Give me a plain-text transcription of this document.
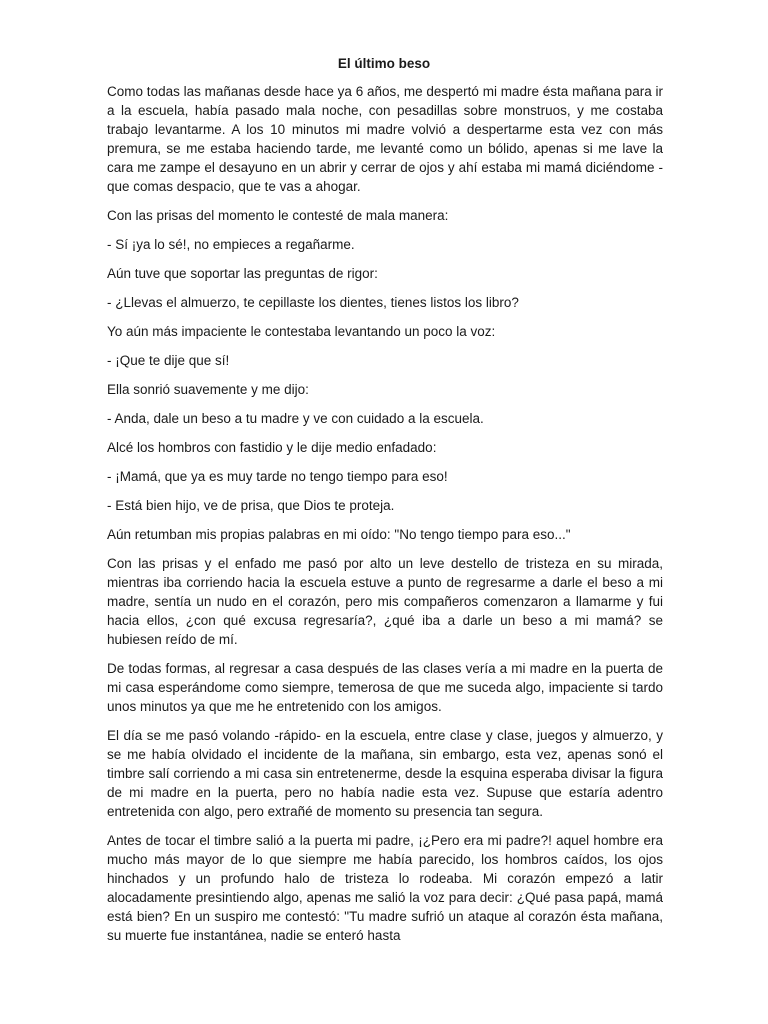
El último beso

Como todas las mañanas desde hace ya 6 años, me despertó mi madre ésta mañana para ir a la escuela, había pasado mala noche, con pesadillas sobre monstruos, y me costaba trabajo levantarme. A los 10 minutos mi madre volvió a despertarme esta vez con más premura, se me estaba haciendo tarde, me levanté como un bólido, apenas si me lave la cara me zampe el desayuno en un abrir y cerrar de ojos y ahí estaba mi mamá diciéndome -que comas despacio, que te vas a ahogar.

Con las prisas del momento le contesté de mala manera:

- Sí ¡ya lo sé!, no empieces a regañarme.

Aún tuve que soportar las preguntas de rigor:

- ¿Llevas el almuerzo, te cepillaste los dientes, tienes listos los libro?

Yo aún más impaciente le contestaba levantando un poco la voz:

- ¡Que te dije que sí!

Ella sonrió suavemente y me dijo:

- Anda, dale un beso a tu madre y ve con cuidado a la escuela.

Alcé los hombros con fastidio y le dije medio enfadado:

- ¡Mamá, que ya es muy tarde no tengo tiempo para eso!

- Está bien hijo, ve de prisa, que Dios te proteja.

Aún retumban mis propias palabras en mi oído: "No tengo tiempo para eso..."

Con las prisas y el enfado me pasó por alto un leve destello de tristeza en su mirada, mientras iba corriendo hacia la escuela estuve a punto de regresarme a darle el beso a mi madre, sentía un nudo en el corazón, pero mis compañeros comenzaron a llamarme y fui hacia ellos, ¿con qué excusa regresaría?, ¿qué iba a darle un beso a mi mamá? se hubiesen reído de mí.

De todas formas, al regresar a casa después de las clases vería a mi madre en la puerta de mi casa esperándome como siempre, temerosa de que me suceda algo, impaciente si tardo unos minutos ya que me he entretenido con los amigos.

El día se me pasó volando -rápido- en la escuela, entre clase y clase, juegos y almuerzo, y se me había olvidado el incidente de la mañana, sin embargo, esta vez, apenas sonó el timbre salí corriendo a mi casa sin entretenerme, desde la esquina esperaba divisar la figura de mi madre en la puerta, pero no había nadie esta vez. Supuse que estaría adentro entretenida con algo, pero extrañé de momento su presencia tan segura.

Antes de tocar el timbre salió a la puerta mi padre, ¡¿Pero era mi padre?! aquel hombre era mucho más mayor de lo que siempre me había parecido, los hombros caídos, los ojos hinchados y un profundo halo de tristeza lo rodeaba. Mi corazón empezó a latir alocadamente presintiendo algo, apenas me salió la voz para decir: ¿Qué pasa papá, mamá está bien? En un suspiro me contestó: "Tu madre sufrió un ataque al corazón ésta mañana, su muerte fue instantánea, nadie se enteró hasta
